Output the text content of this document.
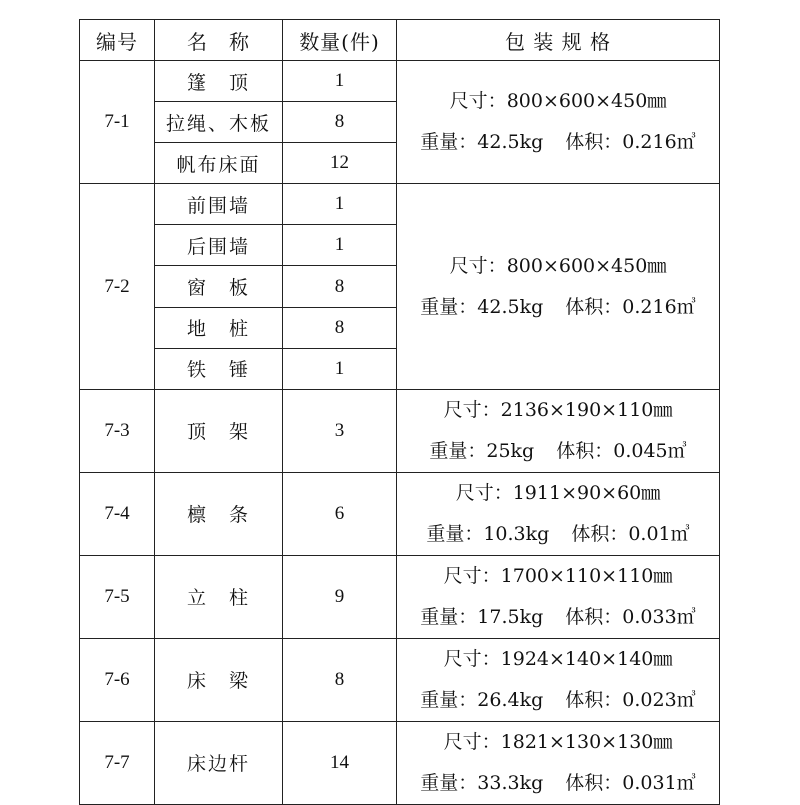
编号	名　称	数量(件)	包 装 规 格
7-1	篷　顶	1	尺寸：800×600×450㎜
重量：42.5kg 体积：0.216㎥

	拉绳、木板	8	
	帆布床面	12	
7-2	前围墙	1	尺寸：800×600×450㎜
重量：42.5kg 体积：0.216㎥

	后围墙	1	
	窗　板	8	
	地　桩	8	
	铁　锤	1	
7-3	顶　架	3	尺寸：2136×190×110㎜
重量：25kg 体积：0.045㎥

7-4	檩　条	6	尺寸：1911×90×60㎜
重量：10.3kg 体积：0.01㎥

7-5	立　柱	9	尺寸：1700×110×110㎜
重量：17.5kg 体积：0.033㎥

7-6	床　梁	8	尺寸：1924×140×140㎜
重量：26.4kg 体积：0.023㎥

7-7	床边杆	14	尺寸：1821×130×130㎜
重量：33.3kg 体积：0.031㎥
